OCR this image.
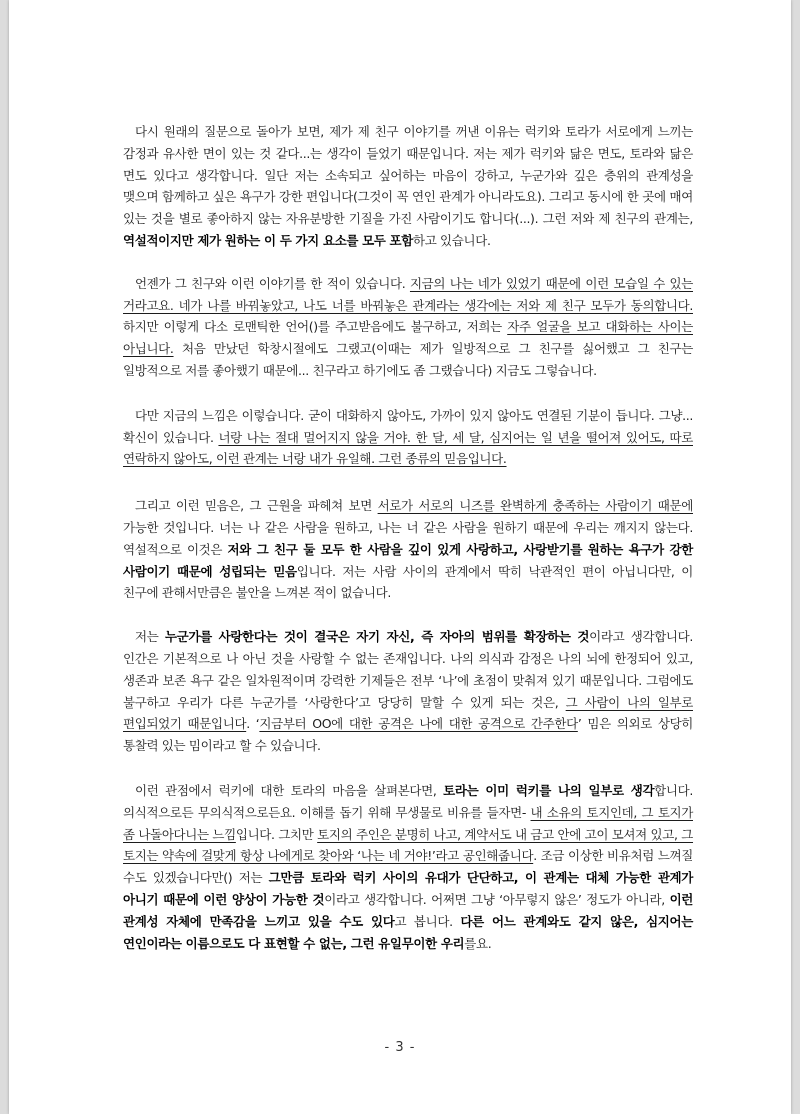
다시 원래의 질문으로 돌아가 보면, 제가 제 친구 이야기를 꺼낸 이유는 럭키와 토라가 서로에게 느끼는 감정과 유사한 면이 있는 것 같다...는 생각이 들었기 때문입니다. 저는 제가 럭키와 닮은 면도, 토라와 닮은 면도 있다고 생각합니다. 일단 저는 소속되고 싶어하는 마음이 강하고, 누군가와 깊은 층위의 관계성을 맺으며 함께하고 싶은 욕구가 강한 편입니다(그것이 꼭 연인 관계가 아니라도요). 그리고 동시에 한 곳에 매여 있는 것을 별로 좋아하지 않는 자유분방한 기질을 가진 사람이기도 합니다(...). 그런 저와 제 친구의 관계는, 역설적이지만 제가 원하는 이 두 가지 요소를 모두 포함하고 있습니다.

언젠가 그 친구와 이런 이야기를 한 적이 있습니다. 지금의 나는 네가 있었기 때문에 이런 모습일 수 있는 거라고요. 네가 나를 바꿔놓았고, 나도 너를 바꿔놓은 관계라는 생각에는 저와 제 친구 모두가 동의합니다. 하지만 이렇게 다소 로맨틱한 언어()를 주고받음에도 불구하고, 저희는 자주 얼굴을 보고 대화하는 사이는 아닙니다. 처음 만났던 학창시절에도 그랬고(이때는 제가 일방적으로 그 친구를 싫어했고 그 친구는 일방적으로 저를 좋아했기 때문에... 친구라고 하기에도 좀 그랬습니다) 지금도 그렇습니다.

다만 지금의 느낌은 이렇습니다. 굳이 대화하지 않아도, 가까이 있지 않아도 연결된 기분이 듭니다. 그냥... 확신이 있습니다. 너랑 나는 절대 멀어지지 않을 거야. 한 달, 세 달, 심지어는 일 년을 떨어져 있어도, 따로 연락하지 않아도, 이런 관계는 너랑 내가 유일해. 그런 종류의 믿음입니다.

그리고 이런 믿음은, 그 근원을 파헤쳐 보면 서로가 서로의 니즈를 완벽하게 충족하는 사람이기 때문에 가능한 것입니다. 너는 나 같은 사람을 원하고, 나는 너 같은 사람을 원하기 때문에 우리는 깨지지 않는다. 역설적으로 이것은 저와 그 친구 둘 모두 한 사람을 깊이 있게 사랑하고, 사랑받기를 원하는 욕구가 강한 사람이기 때문에 성립되는 믿음입니다. 저는 사람 사이의 관계에서 딱히 낙관적인 편이 아닙니다만, 이 친구에 관해서만큼은 불안을 느껴본 적이 없습니다.

저는 누군가를 사랑한다는 것이 결국은 자기 자신, 즉 자아의 범위를 확장하는 것이라고 생각합니다. 인간은 기본적으로 나 아닌 것을 사랑할 수 없는 존재입니다. 나의 의식과 감정은 나의 뇌에 한정되어 있고, 생존과 보존 욕구 같은 일차원적이며 강력한 기제들은 전부 ‘나’에 초점이 맞춰져 있기 때문입니다. 그럼에도 불구하고 우리가 다른 누군가를 ‘사랑한다’고 당당히 말할 수 있게 되는 것은, 그 사람이 나의 일부로 편입되었기 때문입니다. ‘지금부터 OO에 대한 공격은 나에 대한 공격으로 간주한다’ 밈은 의외로 상당히 통찰력 있는 밈이라고 할 수 있습니다.

이런 관점에서 럭키에 대한 토라의 마음을 살펴본다면, 토라는 이미 럭키를 나의 일부로 생각합니다. 의식적으로든 무의식적으로든요. 이해를 돕기 위해 무생물로 비유를 들자면- 내 소유의 토지인데, 그 토지가 좀 나돌아다니는 느낌입니다. 그치만 토지의 주인은 분명히 나고, 계약서도 내 금고 안에 고이 모셔져 있고, 그 토지는 약속에 걸맞게 항상 나에게로 찾아와 ‘나는 네 거야!’라고 공인해줍니다. 조금 이상한 비유처럼 느껴질 수도 있겠습니다만() 저는 그만큼 토라와 럭키 사이의 유대가 단단하고, 이 관계는 대체 가능한 관계가 아니기 때문에 이런 양상이 가능한 것이라고 생각합니다. 어쩌면 그냥 ‘아무렇지 않은’ 정도가 아니라, 이런 관계성 자체에 만족감을 느끼고 있을 수도 있다고 봅니다. 다른 어느 관계와도 같지 않은, 심지어는 연인이라는 이름으로도 다 표현할 수 없는, 그런 유일무이한 우리를요.

- 3 -
